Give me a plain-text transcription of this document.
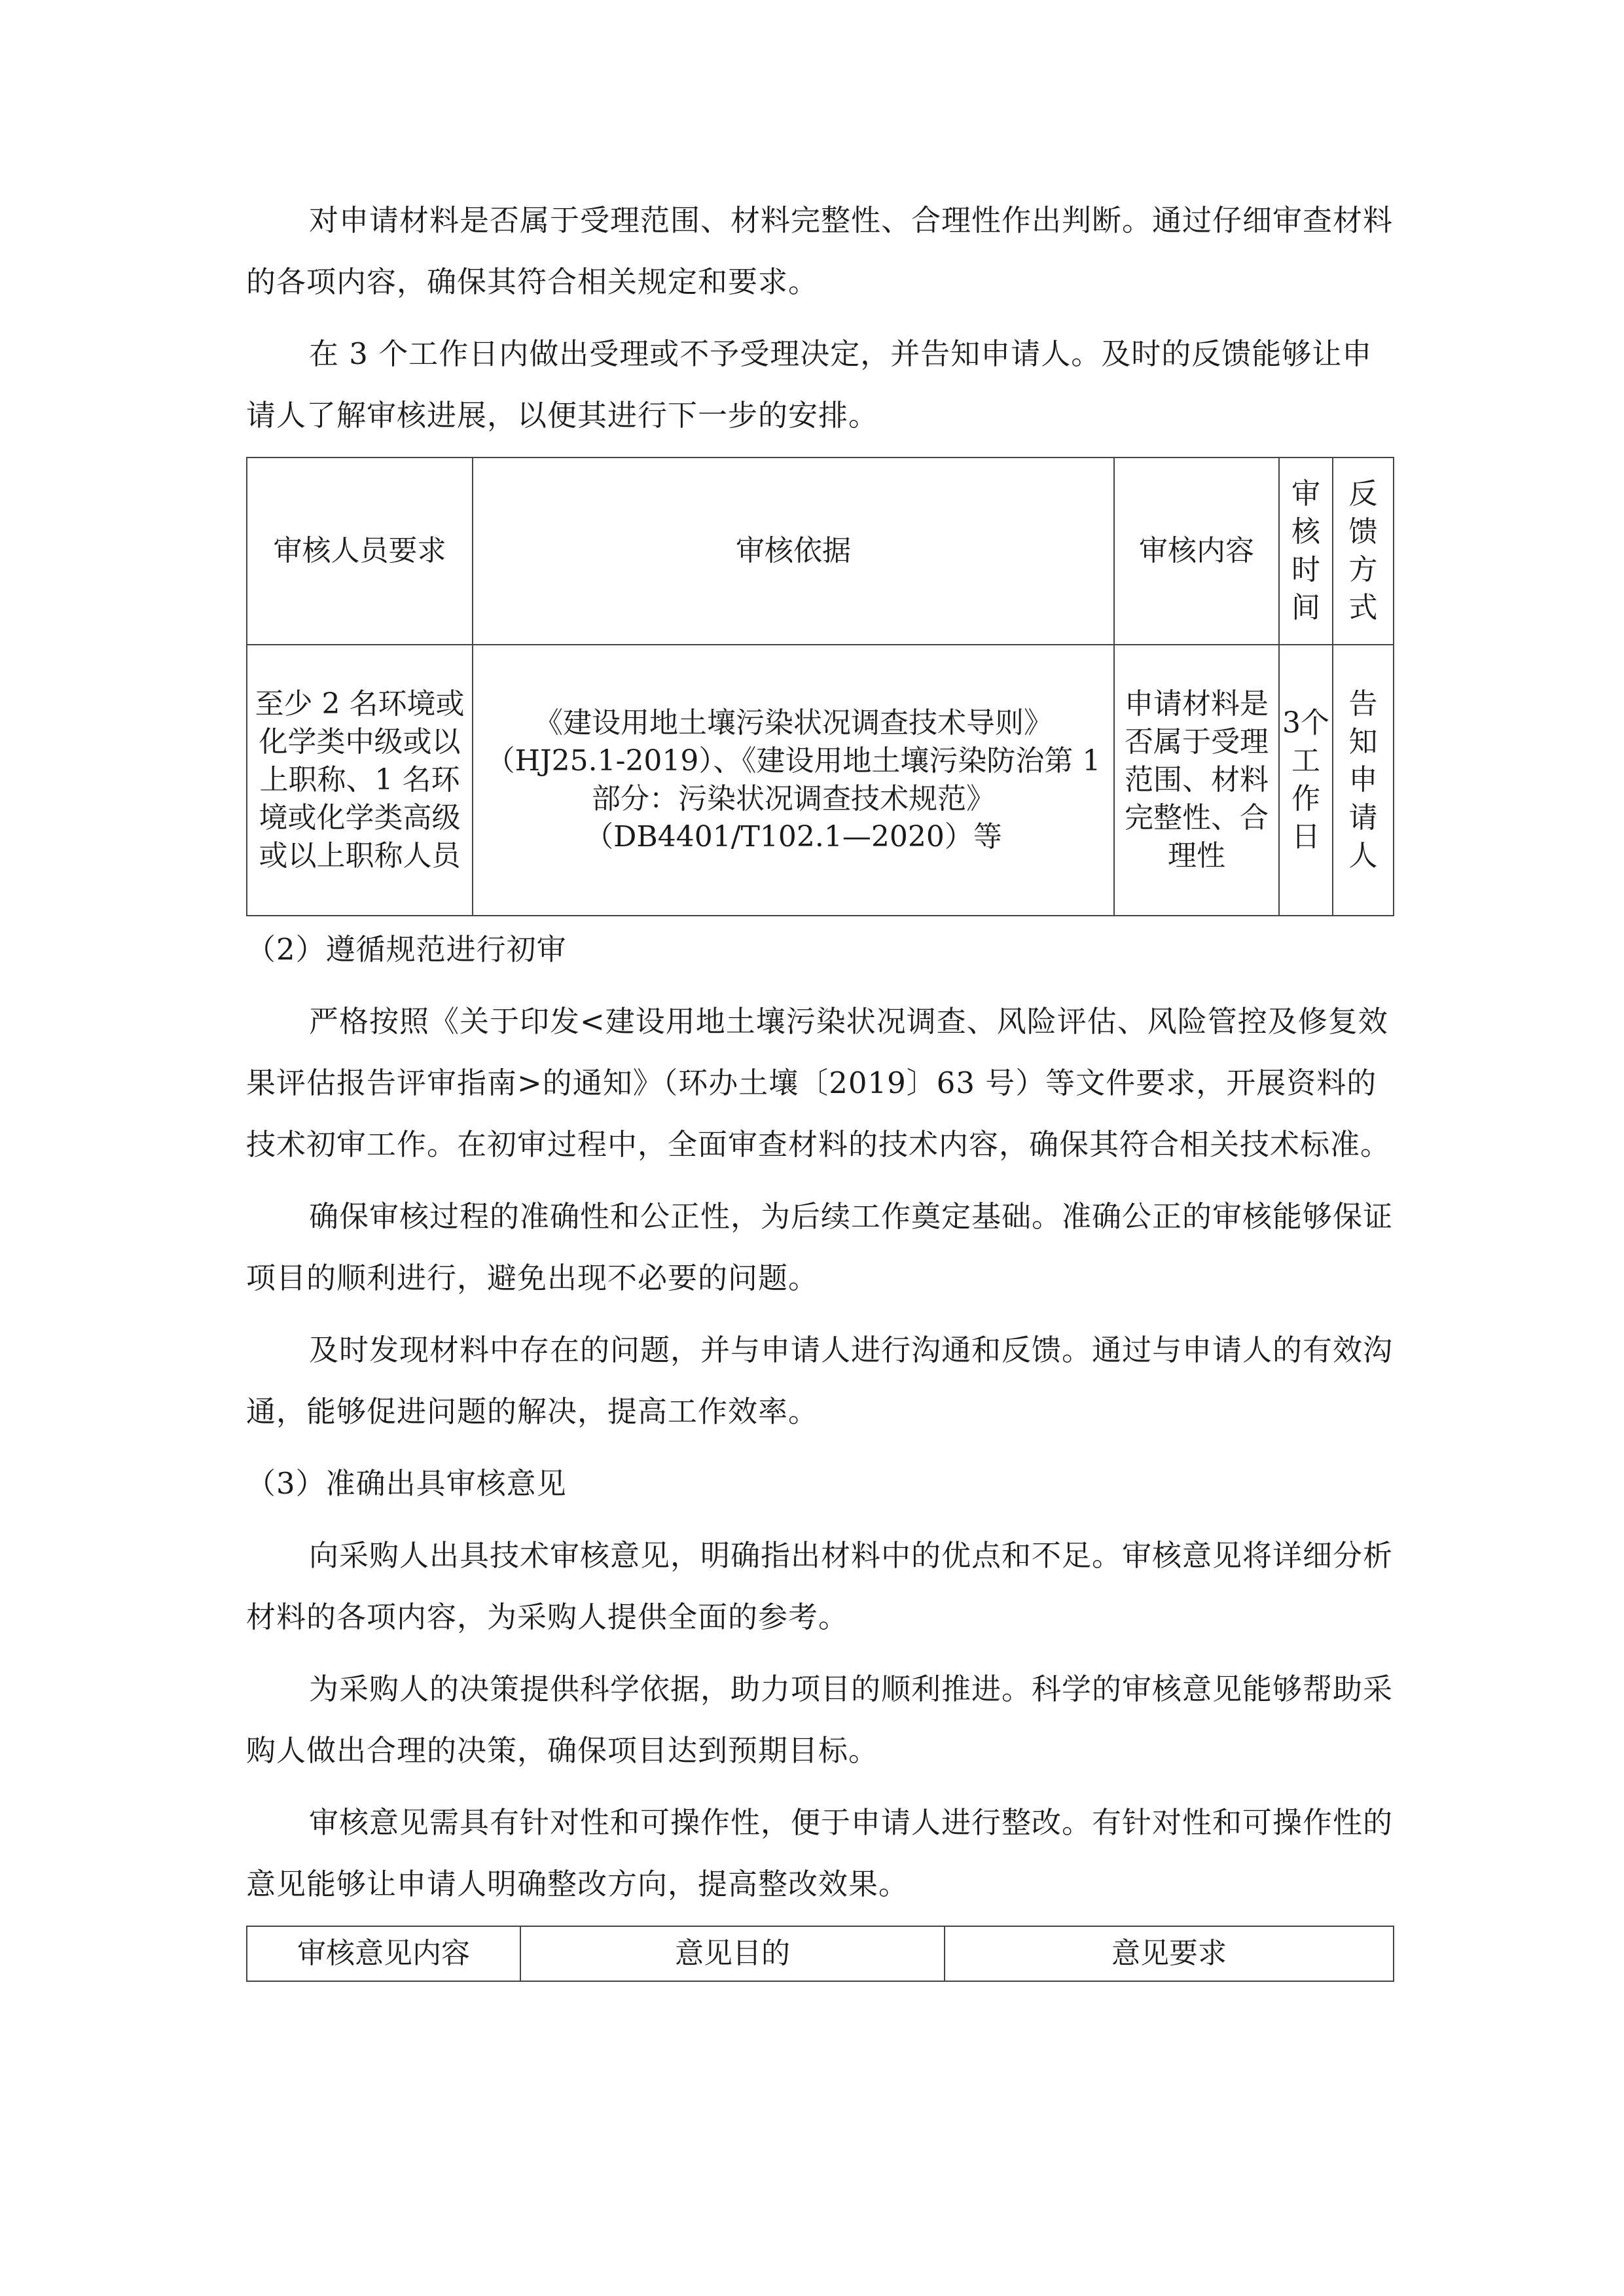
对申请材料是否属于受理范围、材料完整性、合理性作出判断。通过仔细审查材料的各项内容，确保其符合相关规定和要求。

在 3 个工作日内做出受理或不予受理决定，并告知申请人。及时的反馈能够让申请人了解审核进展，以便其进行下一步的安排。

审核人员要求	审核依据	审核内容	审核时间	反馈方式
至少 2 名环境或化学类中级或以上职称、1 名环境或化学类高级或以上职称人员	《建设用地土壤污染状况调查技术导则》
（HJ25.1-2019）、《建设用地土壤污染防治第 1 部分：污染状况调查技术规范》
（DB4401/T102.1—2020）等	申请材料是否属于受理范围、材料完整性、合理性	3个工作日	告知申请人

（2）遵循规范进行初审

严格按照《关于印发<建设用地土壤污染状况调查、风险评估、风险管控及修复效果评估报告评审指南>的通知》（环办土壤〔2019〕63 号）等文件要求，开展资料的技术初审工作。在初审过程中，全面审查材料的技术内容，确保其符合相关技术标准。

确保审核过程的准确性和公正性，为后续工作奠定基础。准确公正的审核能够保证项目的顺利进行，避免出现不必要的问题。

及时发现材料中存在的问题，并与申请人进行沟通和反馈。通过与申请人的有效沟通，能够促进问题的解决，提高工作效率。

（3）准确出具审核意见

向采购人出具技术审核意见，明确指出材料中的优点和不足。审核意见将详细分析材料的各项内容，为采购人提供全面的参考。

为采购人的决策提供科学依据，助力项目的顺利推进。科学的审核意见能够帮助采购人做出合理的决策，确保项目达到预期目标。

审核意见需具有针对性和可操作性，便于申请人进行整改。有针对性和可操作性的意见能够让申请人明确整改方向，提高整改效果。

审核意见内容	意见目的	意见要求
